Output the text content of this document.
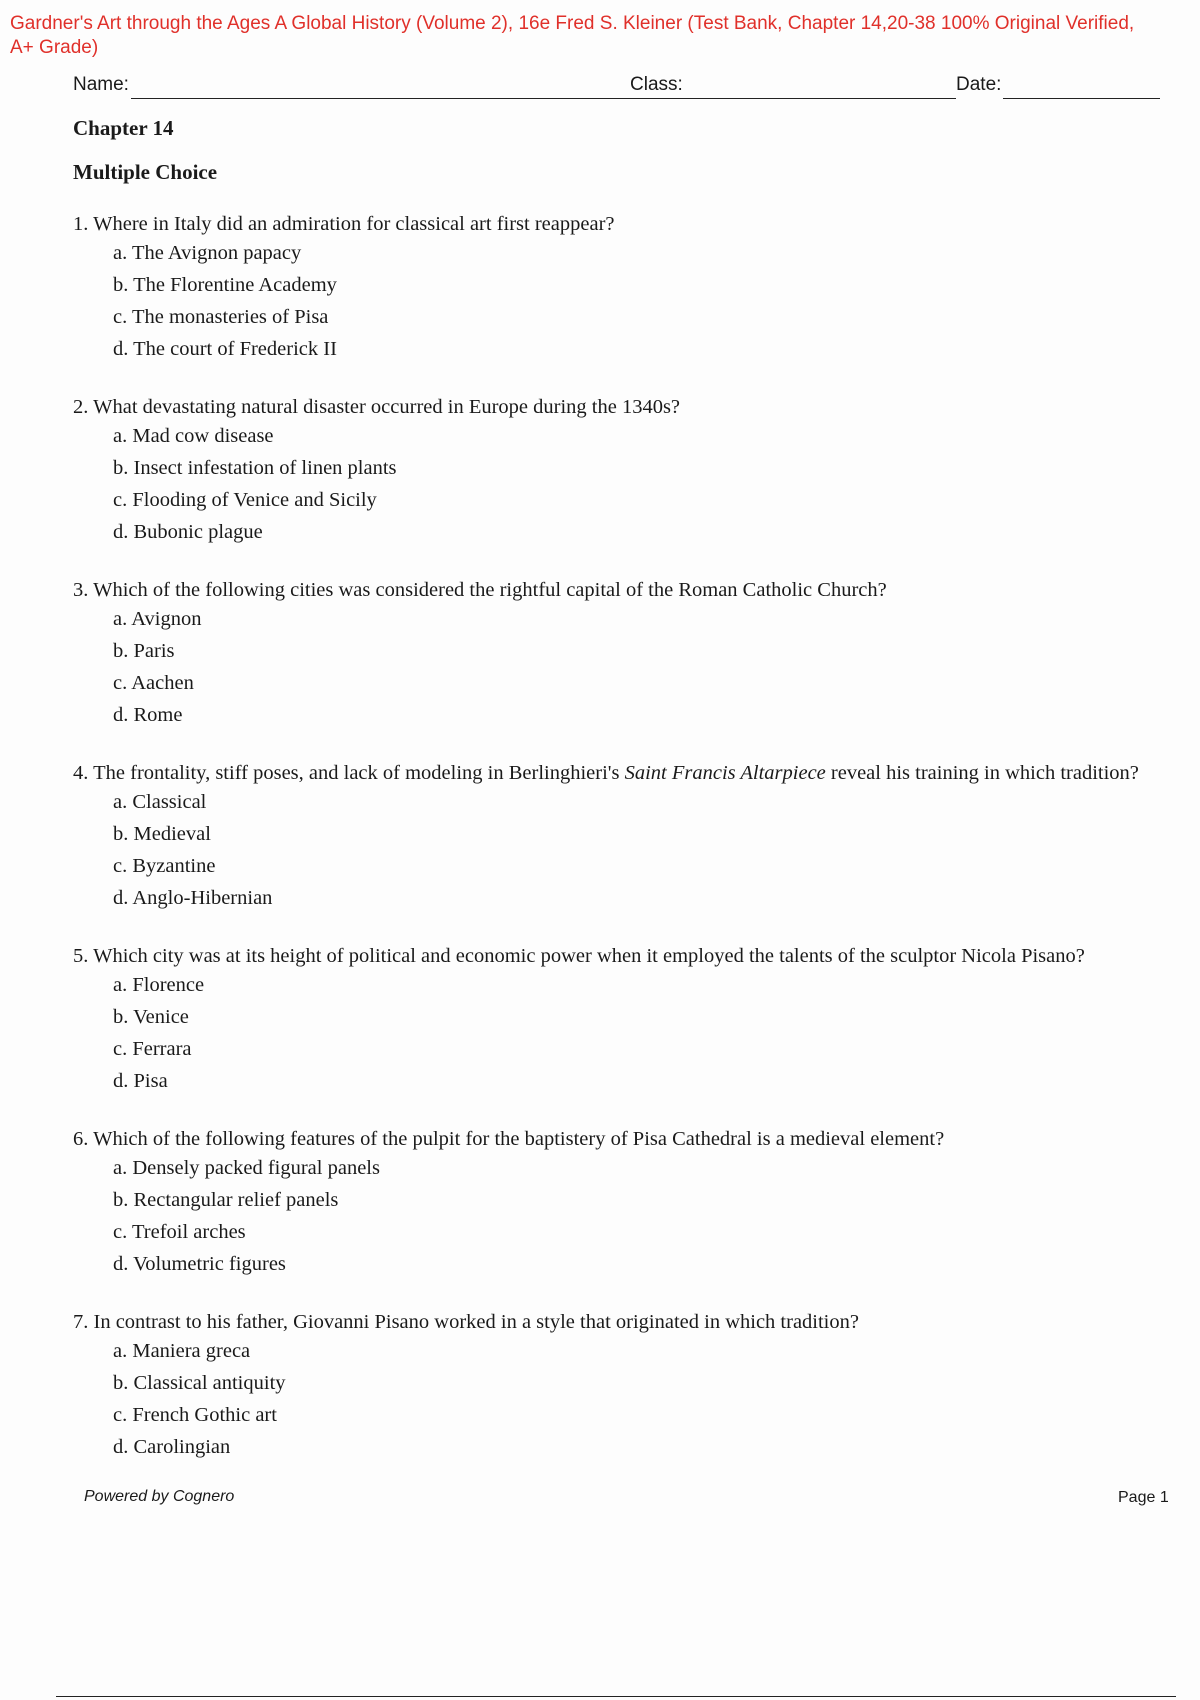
Gardner's Art through the Ages A Global History (Volume 2), 16e Fred S. Kleiner (Test Bank, Chapter 14,20-38 100% Original Verified, A+ Grade)
Name:	Class:	Date:
Chapter 14
Multiple Choice
1. Where in Italy did an admiration for classical art first reappear?
a. The Avignon papacy
b. The Florentine Academy
c. The monasteries of Pisa
d. The court of Frederick II
2. What devastating natural disaster occurred in Europe during the 1340s?
a. Mad cow disease
b. Insect infestation of linen plants
c. Flooding of Venice and Sicily
d. Bubonic plague
3. Which of the following cities was considered the rightful capital of the Roman Catholic Church?
a. Avignon
b. Paris
c. Aachen
d. Rome
4. The frontality, stiff poses, and lack of modeling in Berlinghieri's Saint Francis Altarpiece reveal his training in which tradition?
a. Classical
b. Medieval
c. Byzantine
d. Anglo-Hibernian
5. Which city was at its height of political and economic power when it employed the talents of the sculptor Nicola Pisano?
a. Florence
b. Venice
c. Ferrara
d. Pisa
6. Which of the following features of the pulpit for the baptistery of Pisa Cathedral is a medieval element?
a. Densely packed figural panels
b. Rectangular relief panels
c. Trefoil arches
d. Volumetric figures
7. In contrast to his father, Giovanni Pisano worked in a style that originated in which tradition?
a. Maniera greca
b. Classical antiquity
c. French Gothic art
d. Carolingian
Powered by Cognero	Page 1
